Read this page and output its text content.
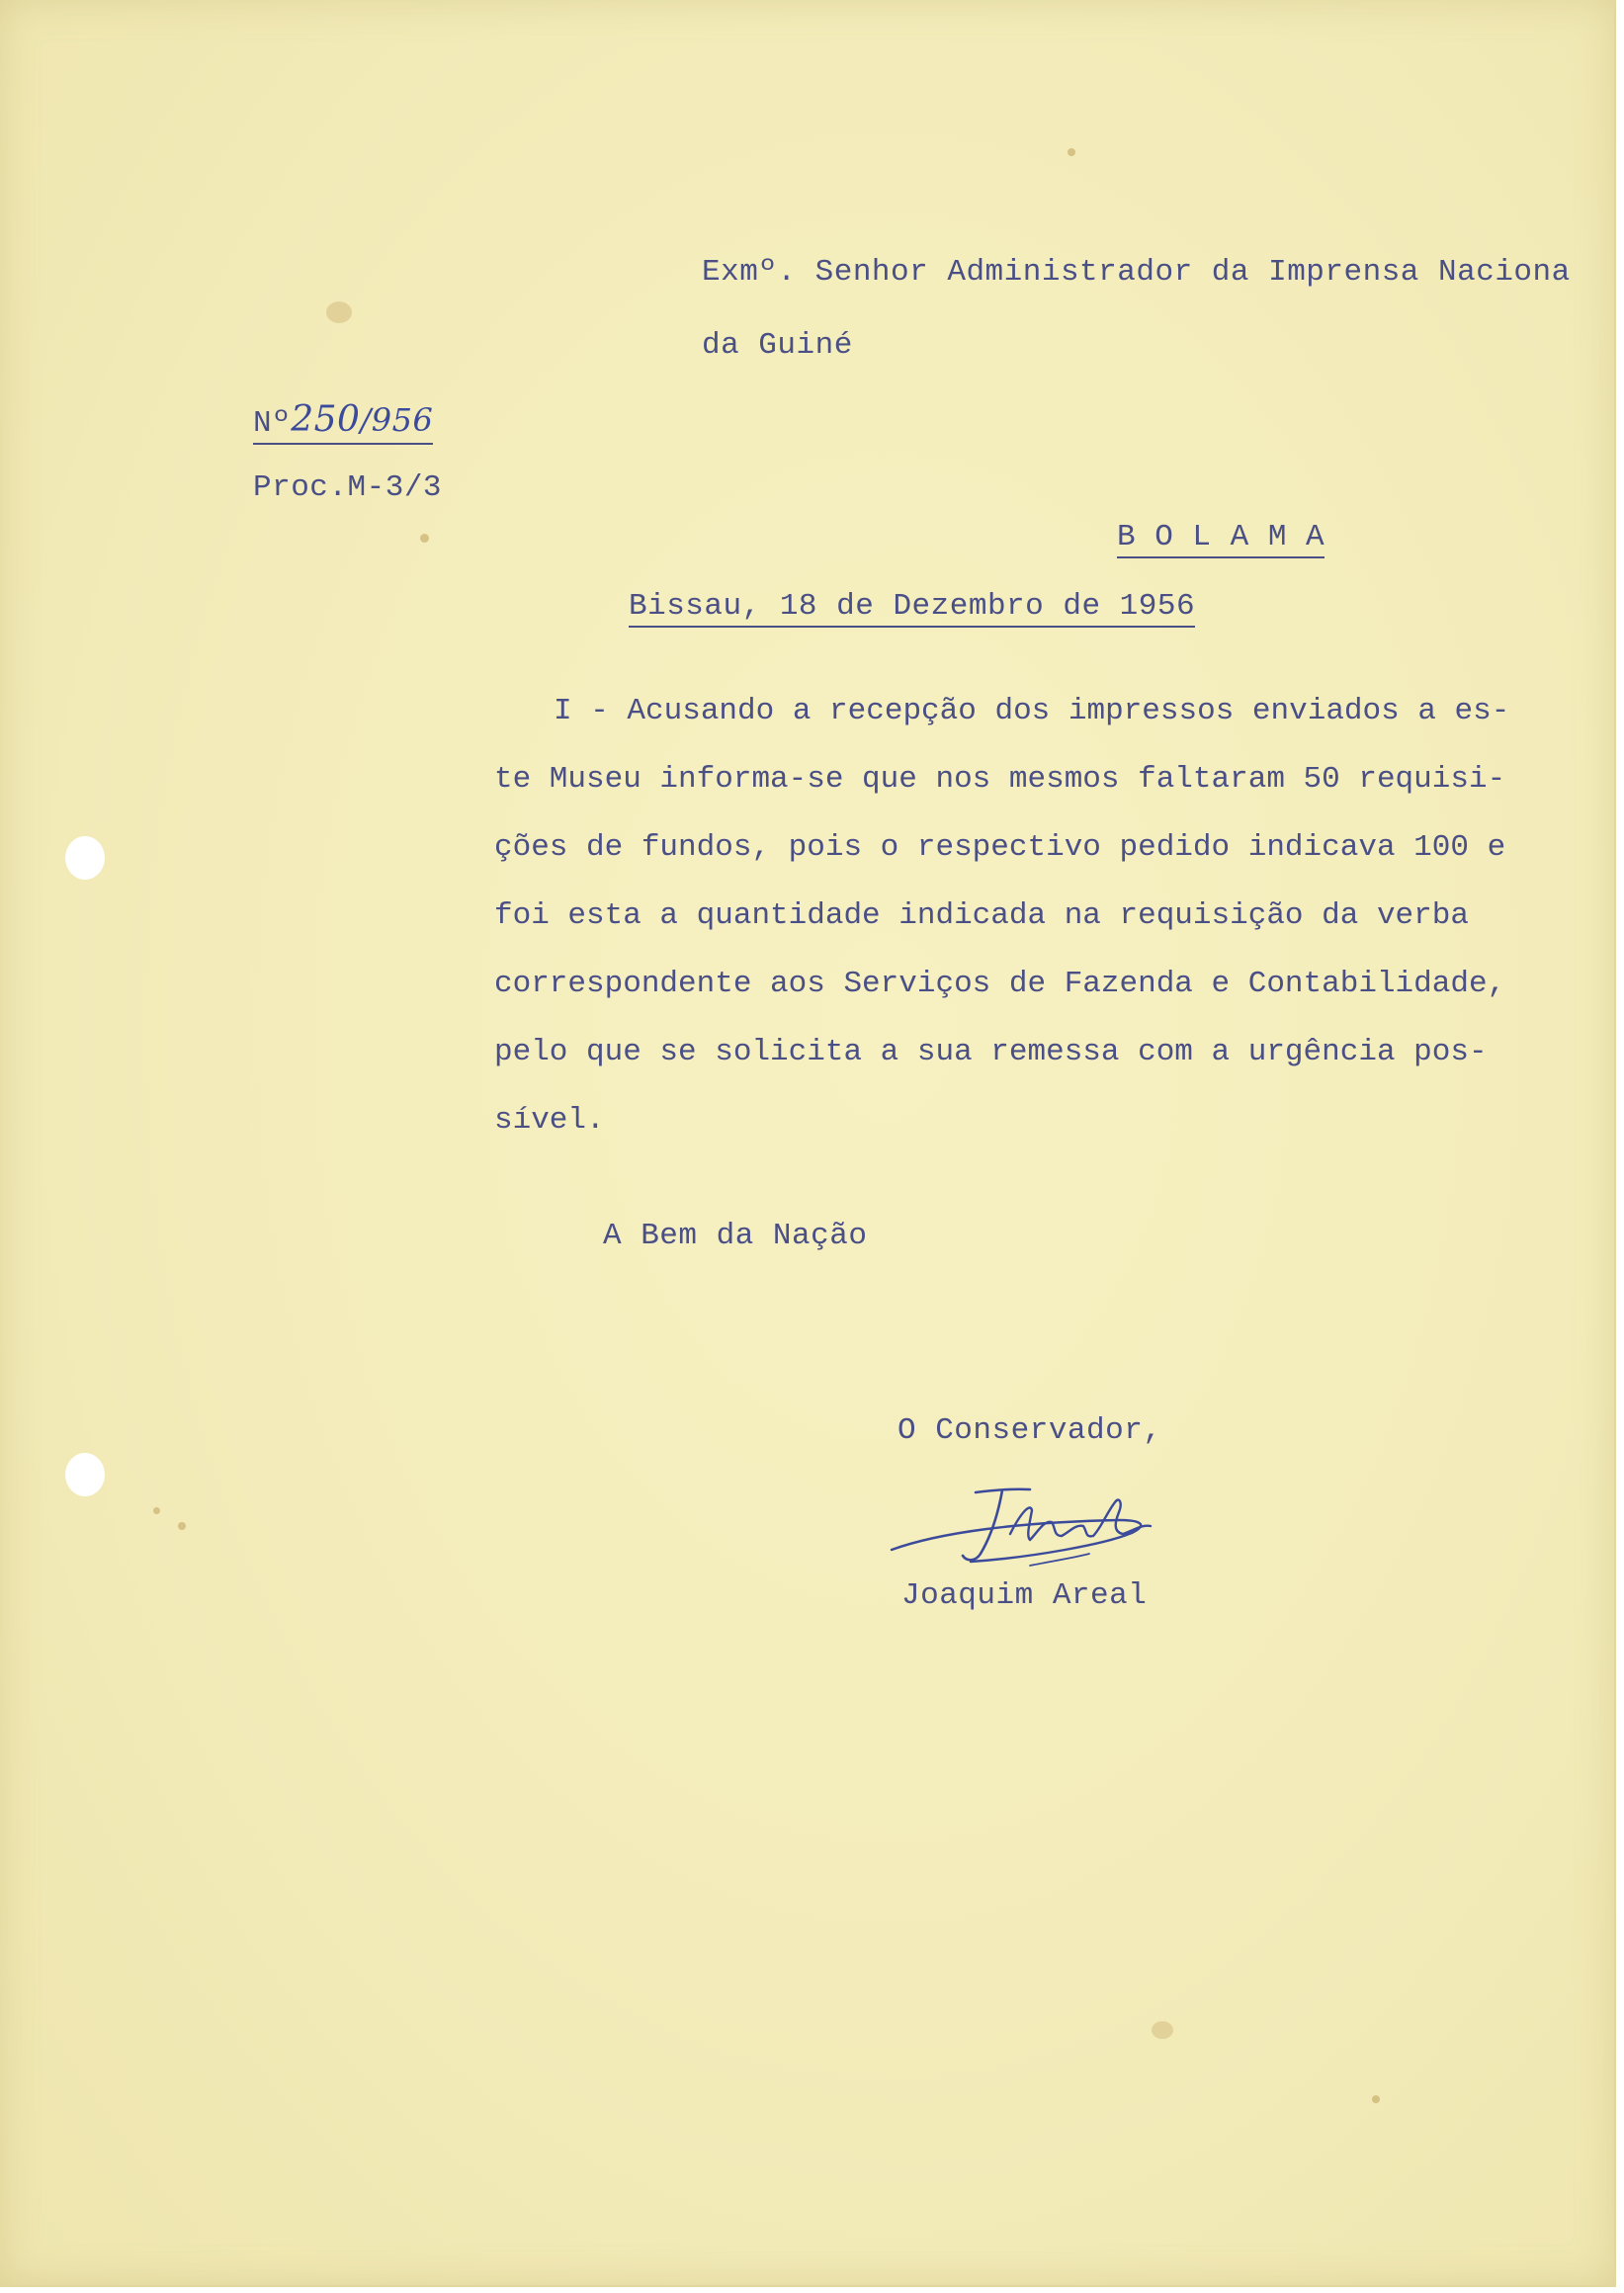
Exmº. Senhor Administrador da Imprensa Naciona

da Guiné

Nº250/956

Proc.M-3/3

B O L A M A

Bissau, 18 de Dezembro de 1956

I - Acusando a recepção dos impressos enviados a es-
te Museu informa-se que nos mesmos faltaram 50 requisi-
ções de fundos, pois o respectivo pedido indicava 100 e
foi esta a quantidade indicada na requisição da verba
correspondente aos Serviços de Fazenda e Contabilidade,
pelo que se solicita a sua remessa com a urgência pos-
sível.

A Bem da Nação

O Conservador,

Joaquim Areal
